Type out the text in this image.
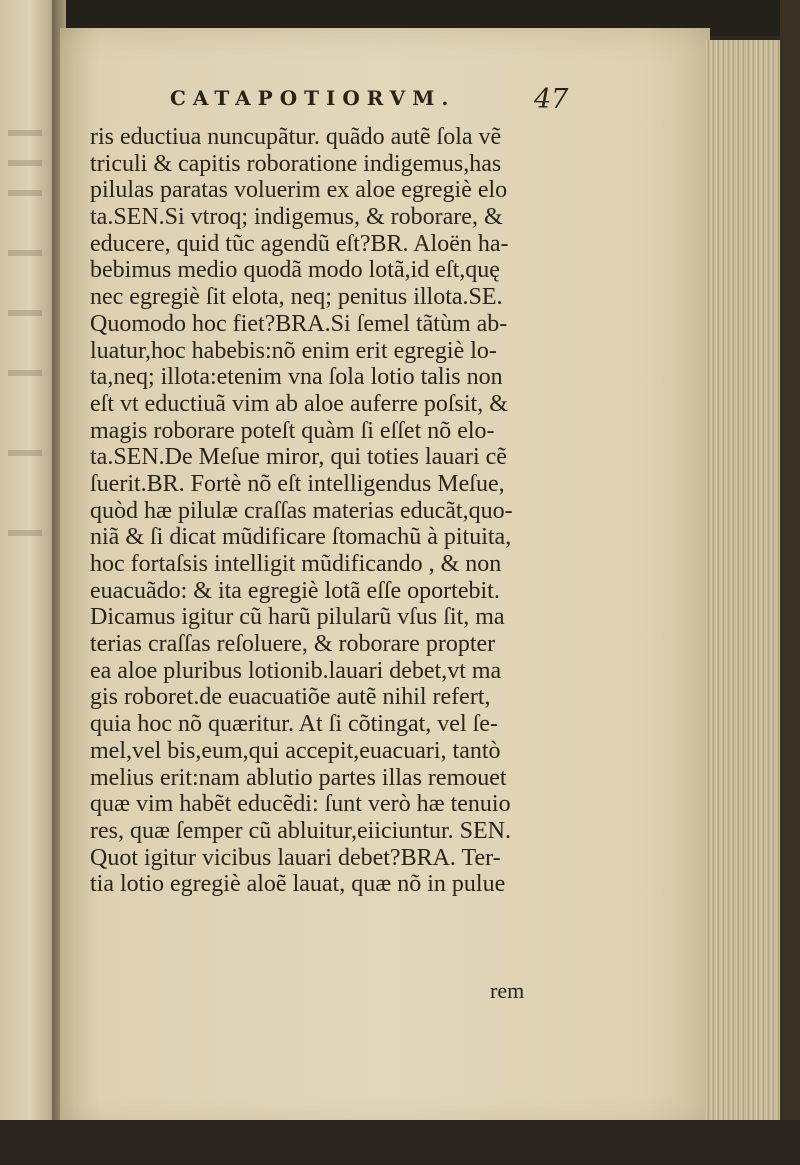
CATAPOTIORVM.	47
ris eductiua nuncupãtur. quãdo autẽ ſola vẽ
triculi & capitis roboratione indigemus,has
pilulas paratas voluerim ex aloe egregiè elo
ta.SEN.Si vtroq; indigemus, & roborare, &
educere, quid tũc agendũ eſt?BR. Aloën ha-
bebimus medio quodã modo lotã,id eſt,quę
nec egregiè ſit elota, neq; penitus illota.SE.
Quomodo hoc fiet?BRA.Si ſemel tãtùm ab-
luatur,hoc habebis:nõ enim erit egregiè lo-
ta,neq; illota:etenim vna ſola lotio talis non
eſt vt eductiuã vim ab aloe auferre poſsit, &
magis roborare poteſt quàm ſi eſſet nõ elo-
ta.SEN.De Meſue miror, qui toties lauari cẽ
ſuerit.BR. Fortè nõ eſt intelligendus Meſue,
quòd hæ pilulæ craſſas materias educãt,quo-
niã & ſi dicat mũdificare ſtomachũ à pituita,
hoc fortaſsis intelligit mũdificando , & non
euacuãdo: & ita egregiè lotã eſſe oportebit.
Dicamus igitur cũ harũ pilularũ vſus ſit, ma
terias craſſas reſoluere, & roborare propter
ea aloe pluribus lotionib.lauari debet,vt ma
gis roboret.de euacuatiõe autẽ nihil refert,
quia hoc nõ quæritur. At ſi cõtingat, vel ſe-
mel,vel bis,eum,qui accepit,euacuari, tantò
melius erit:nam ablutio partes illas remouet
quæ vim habẽt educẽdi: ſunt verò hæ tenuio
res, quæ ſemper cũ abluitur,eiiciuntur. SEN.
Quot igitur vicibus lauari debet?BRA. Ter-
tia lotio egregiè aloẽ lauat, quæ nõ in pulue
rem
